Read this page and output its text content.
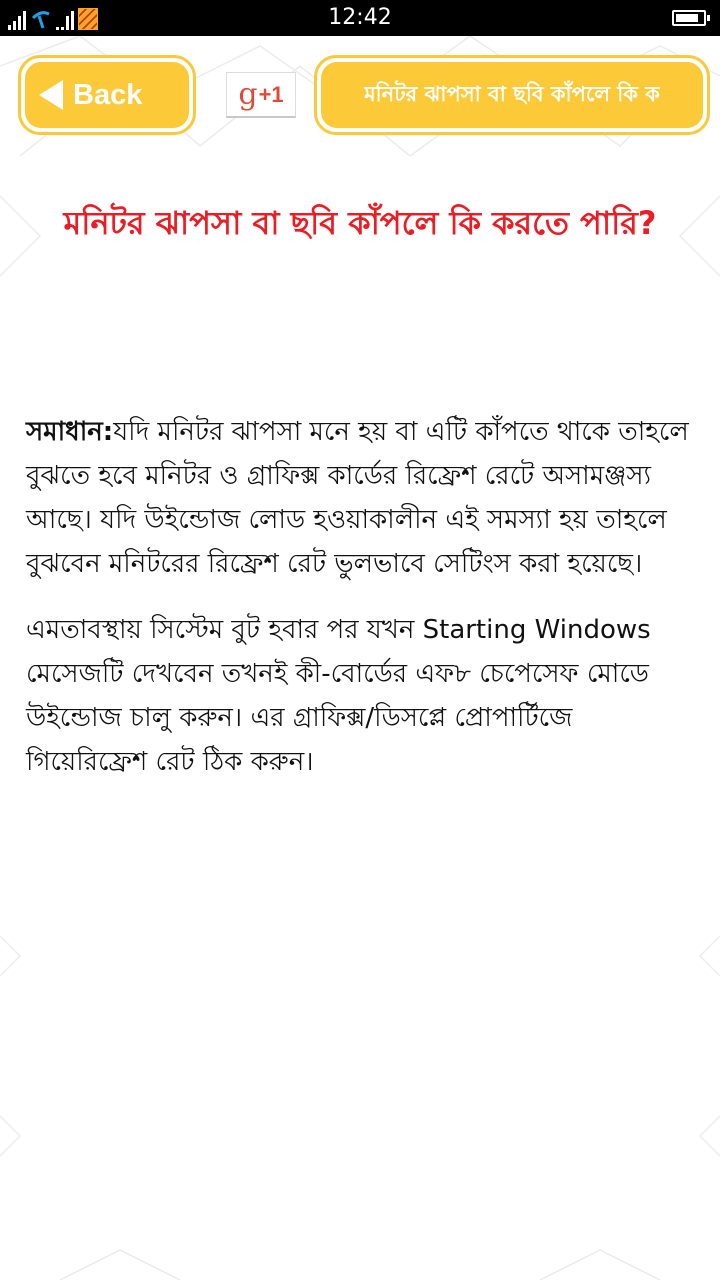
12:42
Back	g +1	মনিটর ঝাপসা বা ছবি কাঁপলে কি ক
মনিটর ঝাপসা বা ছবি কাঁপলে কি করতে পারি?

সমাধান:যদি মনিটর ঝাপসা মনে হয় বা এটি কাঁপতে থাকে তাহলে বুঝতে হবে মনিটর ও গ্রাফিক্স কার্ডের রিফ্রেশ রেটে অসামঞ্জস্য আছে। যদি উইন্ডোজ লোড হওয়াকালীন এই সমস্যা হয় তাহলে বুঝবেন মনিটরের রিফ্রেশ রেট ভুলভাবে সেটিংস করা হয়েছে।

এমতাবস্থায় সিস্টেম বুট হবার পর যখন Starting Windows মেসেজটি দেখবেন তখনই কী-বোর্ডের এফ৮ চেপেসেফ মোডে উইন্ডোজ চালু করুন। এর গ্রাফিক্স/ডিসপ্লে প্রোপার্টিজে গিয়েরিফ্রেশ রেট ঠিক করুন।
